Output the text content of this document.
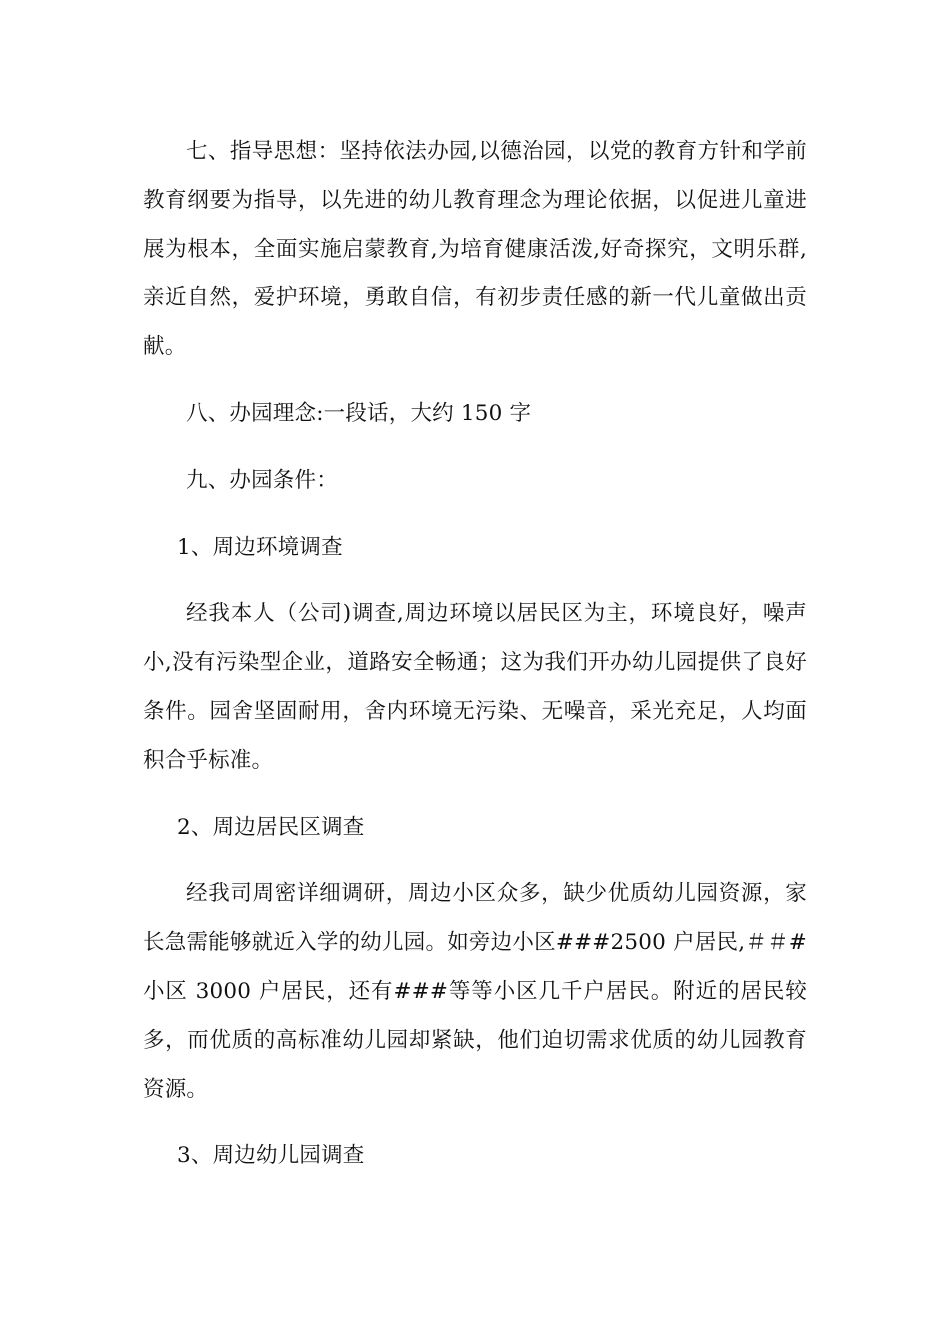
七、指导思想：坚持依法办园,以德治园，以党的教育方针和学前教育纲要为指导，以先进的幼儿教育理念为理论依据，以促进儿童进展为根本，全面实施启蒙教育,为培育健康活泼,好奇探究，文明乐群,亲近自然，爱护环境，勇敢自信，有初步责任感的新一代儿童做出贡献。

八、办园理念:一段话，大约 150 字

九、办园条件：

1、周边环境调查

经我本人（公司)调查,周边环境以居民区为主，环境良好，噪声小,没有污染型企业，道路安全畅通；这为我们开办幼儿园提供了良好条件。园舍坚固耐用，舍内环境无污染、无噪音，采光充足，人均面积合乎标准。

2、周边居民区调查

经我司周密详细调研，周边小区众多，缺少优质幼儿园资源，家长急需能够就近入学的幼儿园。如旁边小区###2500 户居民,＃＃#小区 3000 户居民，还有###等等小区几千户居民。附近的居民较多，而优质的高标准幼儿园却紧缺，他们迫切需求优质的幼儿园教育资源。

3、周边幼儿园调查
